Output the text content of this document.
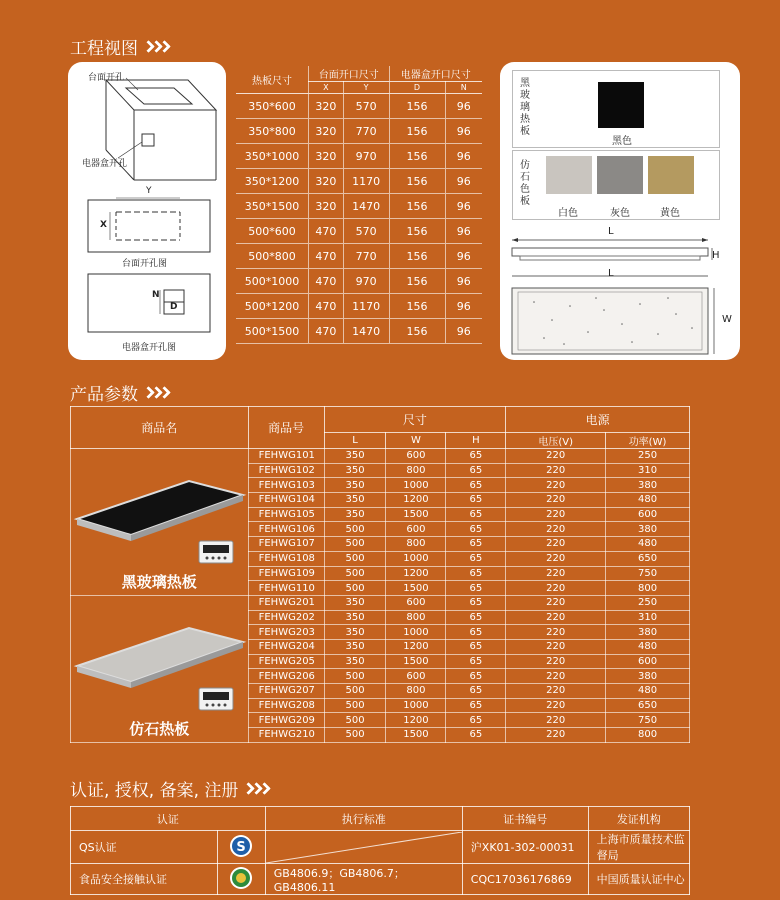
工程视图
台面开孔
电器盒开孔
Y
X
台面开孔图
N
D
电器盒开孔图
热板尺寸	台面开口尺寸		电器盒开口尺寸	
	X	Y	D	N
350*600	320	570	156	96
350*800	320	770	156	96
350*1000	320	970	156	96
350*1200	320	1170	156	96
350*1500	320	1470	156	96
500*600	470	570	156	96
500*800	470	770	156	96
500*1000	470	970	156	96
500*1200	470	1170	156	96
500*1500	470	1470	156	96
黑玻璃热板
黑色
仿石色板
白色	灰色	黄色
L
H
L
W
产品参数
商品名	商品号	尺寸			电源	
		L	W	H	电压(V)	功率(W)

黑玻璃热板	FEHWG101	350	600	65	220	250
	FEHWG102	350	800	65	220	310
	FEHWG103	350	1000	65	220	380
	FEHWG104	350	1200	65	220	480
	FEHWG105	350	1500	65	220	600
	FEHWG106	500	600	65	220	380
	FEHWG107	500	800	65	220	480
	FEHWG108	500	1000	65	220	650
	FEHWG109	500	1200	65	220	750
	FEHWG110	500	1500	65	220	800

仿石热板	FEHWG201	350	600	65	220	250
	FEHWG202	350	800	65	220	310
	FEHWG203	350	1000	65	220	380
	FEHWG204	350	1200	65	220	480
	FEHWG205	350	1500	65	220	600
	FEHWG206	500	600	65	220	380
	FEHWG207	500	800	65	220	480
	FEHWG208	500	1000	65	220	650
	FEHWG209	500	1200	65	220	750
	FEHWG210	500	1500	65	220	800
认证, 授权, 备案, 注册
认证		执行标准	证书编号	发证机构
QS认证	S		沪XK01-302-00031	上海市质量技术监督局
食品安全接触认证		GB4806.9；GB4806.7；GB4806.11	CQC17036176869	中国质量认证中心
